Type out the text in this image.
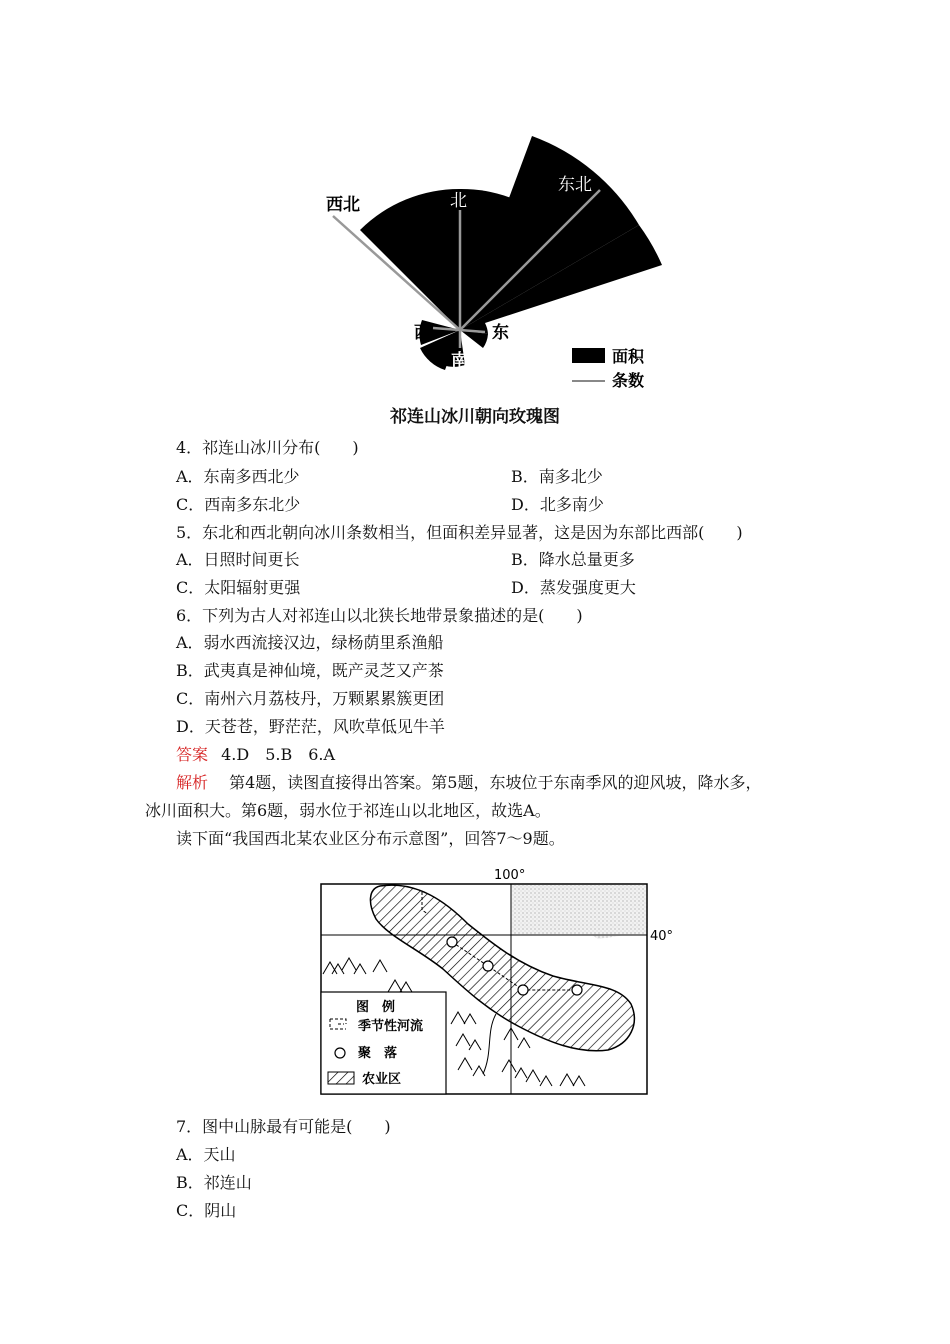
西北	北
东北
西	东
南	面积
条数
祁连山冰川朝向玫瑰图
4．祁连山冰川分布(　　)
A．东南多西北少	B．南多北少
C．西南多东北少	D．北多南少
5．东北和西北朝向冰川条数相当，但面积差异显著，这是因为东部比西部(　　)
A．日照时间更长	B．降水总量更多
C．太阳辐射更强	D．蒸发强度更大
6．下列为古人对祁连山以北狭长地带景象描述的是(　　)
A．弱水西流接汉边，绿杨荫里系渔船
B．武夷真是神仙境，既产灵芝又产茶
C．南州六月荔枝丹，万颗累累簇更团
D．天苍苍，野茫茫，风吹草低见牛羊
答案 4.D　5.B　6.A
解析 第4题，读图直接得出答案。第5题，东坡位于东南季风的迎风坡，降水多，
冰川面积大。第6题，弱水位于祁连山以北地区，故选A。
读下面“我国西北某农业区分布示意图”，回答7～9题。
100°
40°
图　例
季节性河流
聚　落
农业区
7．图中山脉最有可能是(　　)
A．天山
B．祁连山
C．阴山
